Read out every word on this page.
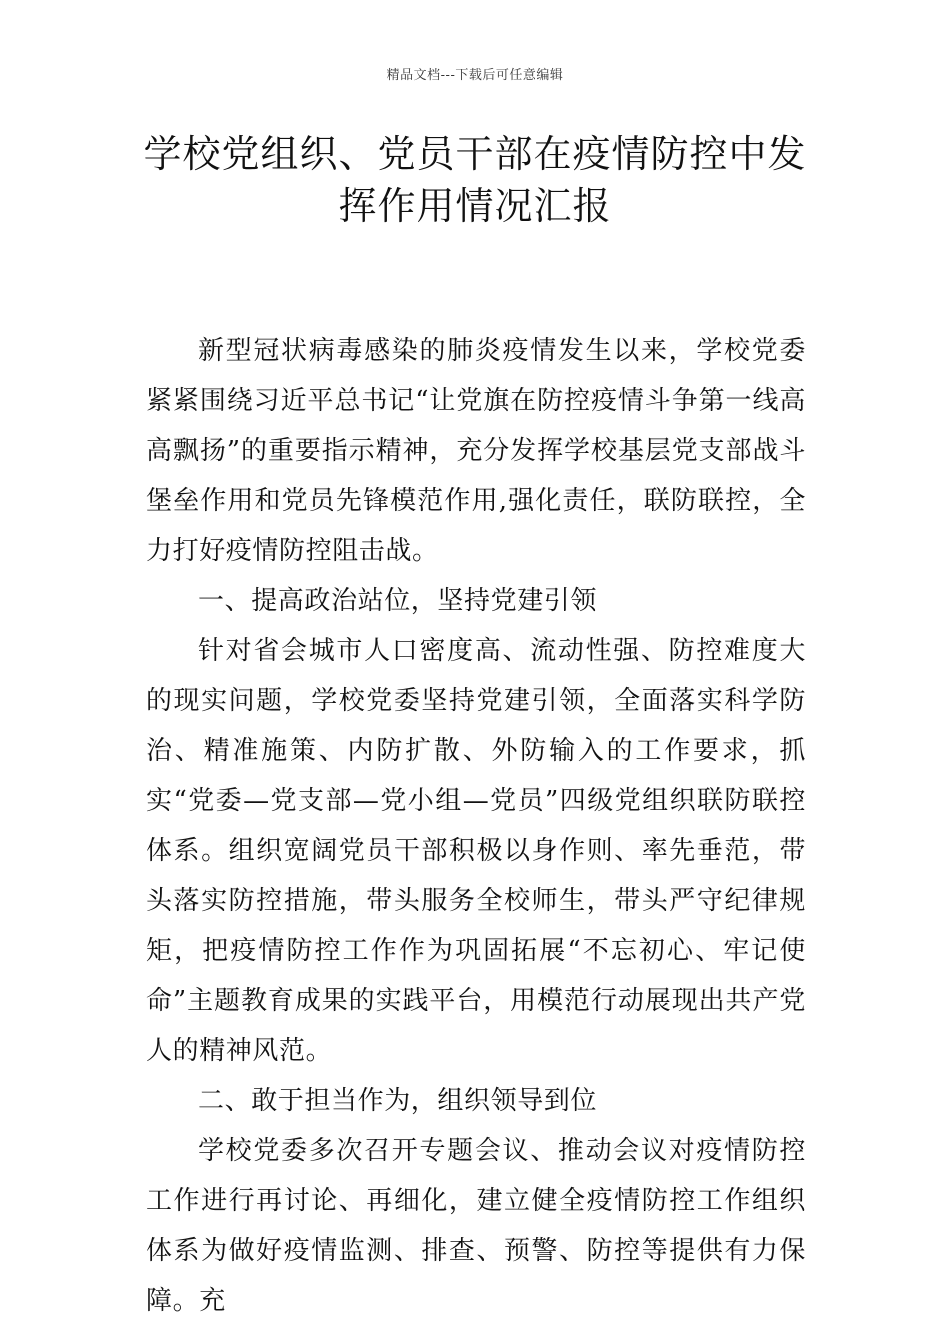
精品文档---下载后可任意编辑
学校党组织、党员干部在疫情防控中发
挥作用情况汇报

新型冠状病毒感染的肺炎疫情发生以来，学校党委紧紧围绕习近平总书记“让党旗在防控疫情斗争第一线高高飘扬”的重要指示精神，充分发挥学校基层党支部战斗堡垒作用和党员先锋模范作用,强化责任，联防联控，全力打好疫情防控阻击战。

一、提高政治站位，坚持党建引领

针对省会城市人口密度高、流动性强、防控难度大的现实问题，学校党委坚持党建引领，全面落实科学防治、精准施策、内防扩散、外防输入的工作要求，抓实“党委—党支部—党小组—党员”四级党组织联防联控体系。组织宽阔党员干部积极以身作则、率先垂范，带头落实防控措施，带头服务全校师生，带头严守纪律规矩，把疫情防控工作作为巩固拓展“不忘初心、牢记使命”主题教育成果的实践平台，用模范行动展现出共产党人的精神风范。

二、敢于担当作为，组织领导到位

学校党委多次召开专题会议、推动会议对疫情防控工作进行再讨论、再细化，建立健全疫情防控工作组织体系为做好疫情监测、排查、预警、防控等提供有力保障。充
